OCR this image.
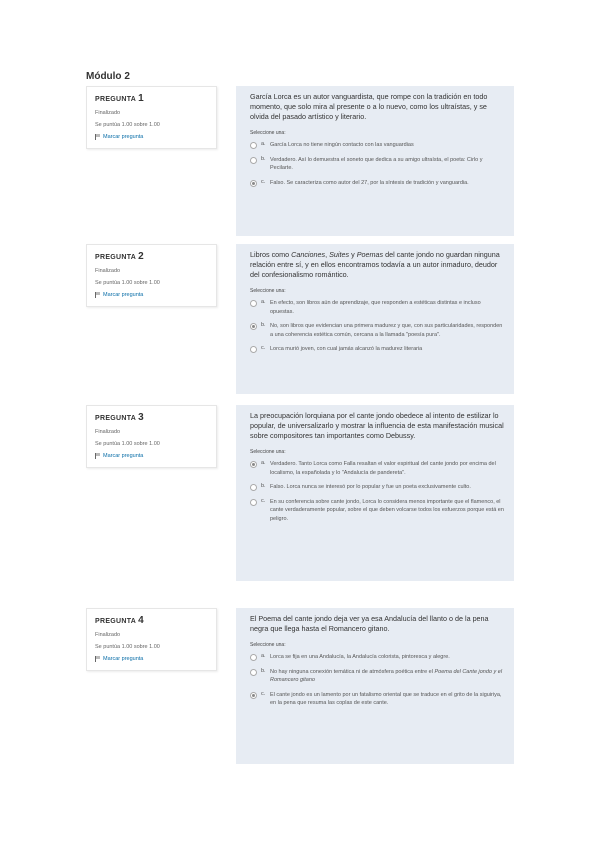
Módulo 2
PREGUNTA 1
Finalizado
Se puntúa 1.00 sobre 1.00
Marcar pregunta
García Lorca es un autor vanguardista, que rompe con la tradición en todo momento, que solo mira al presente o a lo nuevo, como los ultraístas, y se olvida del pasado artístico y literario.
Seleccione una:
a. García Lorca no tiene ningún contacto con las vanguardias
b. Verdadero. Así lo demuestra el soneto que dedica a su amigo ultraísta, el poeta: Cirlo y Pecilarte.
c. Falso. Se caracteriza como autor del 27, por la síntesis de tradición y vanguardia.
PREGUNTA 2
Finalizado
Se puntúa 1.00 sobre 1.00
Marcar pregunta
Libros como Canciones, Suites y Poemas del cante jondo no guardan ninguna relación entre sí, y en ellos encontramos todavía a un autor inmaduro, deudor del confesionalismo romántico.
Seleccione una:
a. En efecto, son libros aún de aprendizaje, que responden a estéticas distintas e incluso opuestas.
b. No, son libros que evidencian una primera madurez y que, con sus particularidades, responden a una coherencia estética común, cercana a la llamada "poesía pura".
c. Lorca murió joven, con cual jamás alcanzó la madurez literaria
PREGUNTA 3
Finalizado
Se puntúa 1.00 sobre 1.00
Marcar pregunta
La preocupación lorquiana por el cante jondo obedece al intento de estilizar lo popular, de universalizarlo y mostrar la influencia de esta manifestación musical sobre compositores tan importantes como Debussy.
Seleccione una:
a. Verdadero. Tanto Lorca como Falla resaltan el valor espiritual del cante jondo por encima del localismo, la españolada y lo "Andalucía de pandereta".
b. Falso. Lorca nunca se interesó por lo popular y fue un poeta exclusivamente culto.
c. En su conferencia sobre cante jondo, Lorca lo considera menos importante que el flamenco, el cante verdaderamente popular, sobre el que deben volcarse todos los esfuerzos porque está en peligro.
PREGUNTA 4
Finalizado
Se puntúa 1.00 sobre 1.00
Marcar pregunta
El Poema del cante jondo deja ver ya esa Andalucía del llanto o de la pena negra que llega hasta el Romancero gitano.
Seleccione una:
a. Lorca se fija en una Andalucía, la Andalucía colorista, pintoresca y alegre.
b. No hay ninguna conexión temática ni de atmósfera poética entre el Poema del Cante jondo y el Romancero gitano
c. El cante jondo es un lamento por un fatalismo oriental que se traduce en el grito de la siguiriya, en la pena que resuma las coplas de este cante.
